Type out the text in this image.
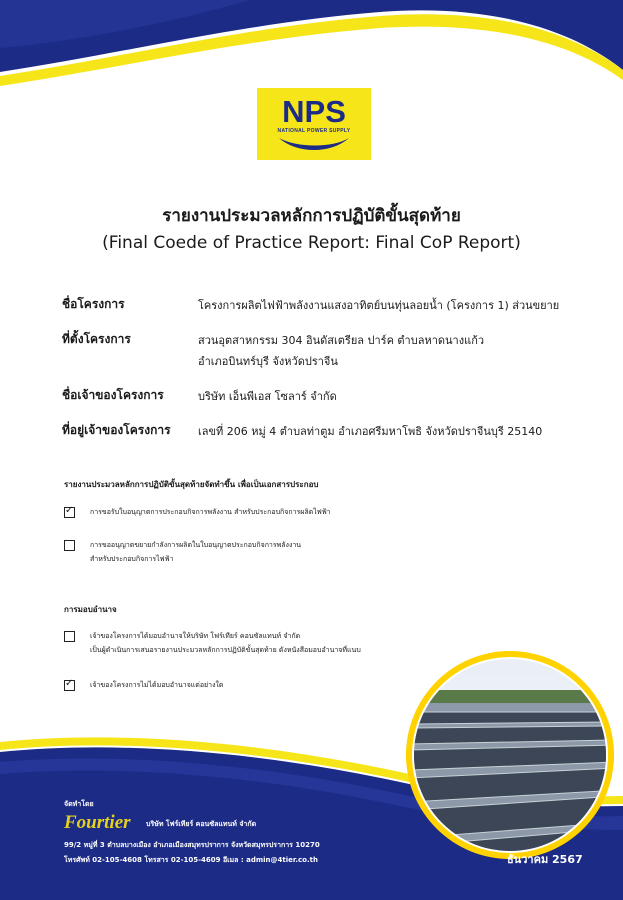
NPS
NATIONAL POWER SUPPLY
รายงานประมวลหลักการปฏิบัติขั้นสุดท้าย
(Final Coede of Practice Report: Final CoP Report)
ชื่อโครงการ	โครงการผลิตไฟฟ้าพลังงานแสงอาทิตย์บนทุ่นลอยน้ำ (โครงการ 1) ส่วนขยาย
ที่ตั้งโครงการ	สวนอุตสาหกรรม 304 อินดัสเตรียล ปาร์ค ตำบลหาดนางแก้ว
อำเภอบินทร์บุรี จังหวัดปราจีน
ชื่อเจ้าของโครงการ	บริษัท เอ็นพีเอส โซลาร์ จำกัด
ที่อยู่เจ้าของโครงการ เลขที่ 206 หมู่ 4 ตำบลท่าตูม อำเภอศรีมหาโพธิ จังหวัดปราจีนบุรี 25140
รายงานประมวลหลักการปฏิบัติขั้นสุดท้ายจัดทำขึ้น เพื่อเป็นเอกสารประกอบ
✓ การขอรับใบอนุญาตการประกอบกิจการพลังงาน สำหรับประกอบกิจการผลิตไฟฟ้า
การขออนุญาตขยายกำลังการผลิตในใบอนุญาตประกอบกิจการพลังงาน
สำหรับประกอบกิจการไฟฟ้า
การมอบอำนาจ
เจ้าของโครงการได้มอบอำนาจให้บริษัท โฟร์เทียร์ คอนซัลแทนท์ จำกัด
เป็นผู้ดำเนินการเสนอรายงานประมวลหลักการปฏิบัติขั้นสุดท้าย ดังหนังสือมอบอำนาจที่แนบ
✓ เจ้าของโครงการไม่ได้มอบอำนาจแต่อย่างใด
จัดทำโดย
Fourtier บริษัท โฟร์เทียร์ คอนซัลแทนท์ จำกัด
99/2 หมู่ที่ 3 ตำบลบางเมือง อำเภอเมืองสมุทรปราการ จังหวัดสมุทรปราการ 10270
โทรศัพท์ 02-105-4608 โทรสาร 02-105-4609 อีเมล : admin@4tier.co.th	ธันวาคม 2567
